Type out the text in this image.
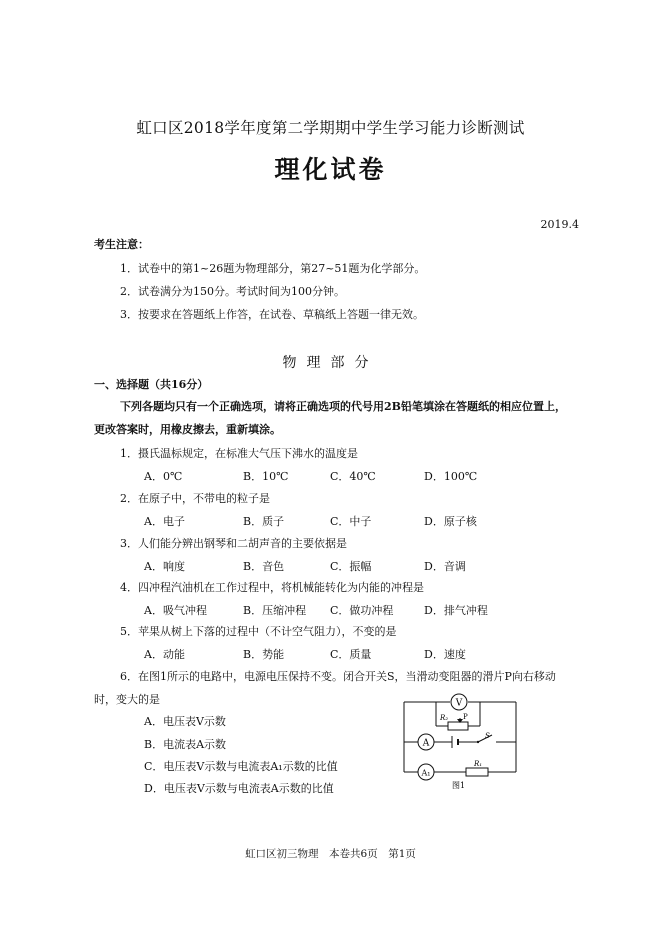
虹口区2018学年度第二学期期中学生学习能力诊断测试
理化试卷
2019.4
考生注意：
1．试卷中的第1~26题为物理部分，第27~51题为化学部分。
2．试卷满分为150分。考试时间为100分钟。
3．按要求在答题纸上作答，在试卷、草稿纸上答题一律无效。
物理部分
一、选择题（共16分）
下列各题均只有一个正确选项，请将正确选项的代号用2B铅笔填涂在答题纸的相应位置上，
更改答案时，用橡皮擦去，重新填涂。
1．摄氏温标规定，在标准大气压下沸水的温度是
A．0℃	B．10℃	C．40℃	D．100℃
2．在原子中，不带电的粒子是
A．电子	B．质子	C．中子	D．原子核
3．人们能分辨出钢琴和二胡声音的主要依据是
A．响度	B．音色	C．振幅	D．音调
4．四冲程汽油机在工作过程中，将机械能转化为内能的冲程是
A．吸气冲程	B．压缩冲程 C．做功冲程	D．排气冲程
5．苹果从树上下落的过程中（不计空气阻力），不变的是
A．动能	B．势能	C．质量	D．速度
6．在图1所示的电路中，电源电压保持不变。闭合开关S，当滑动变阻器的滑片P向右移动
时，变大的是
A．电压表V示数
B．电流表A示数
C．电压表V示数与电流表A₁示数的比值
D．电压表V示数与电流表A示数的比值
V
R₂ P
A
S
A₁
R₁
图1
虹口区初三物理　本卷共6页　第1页
